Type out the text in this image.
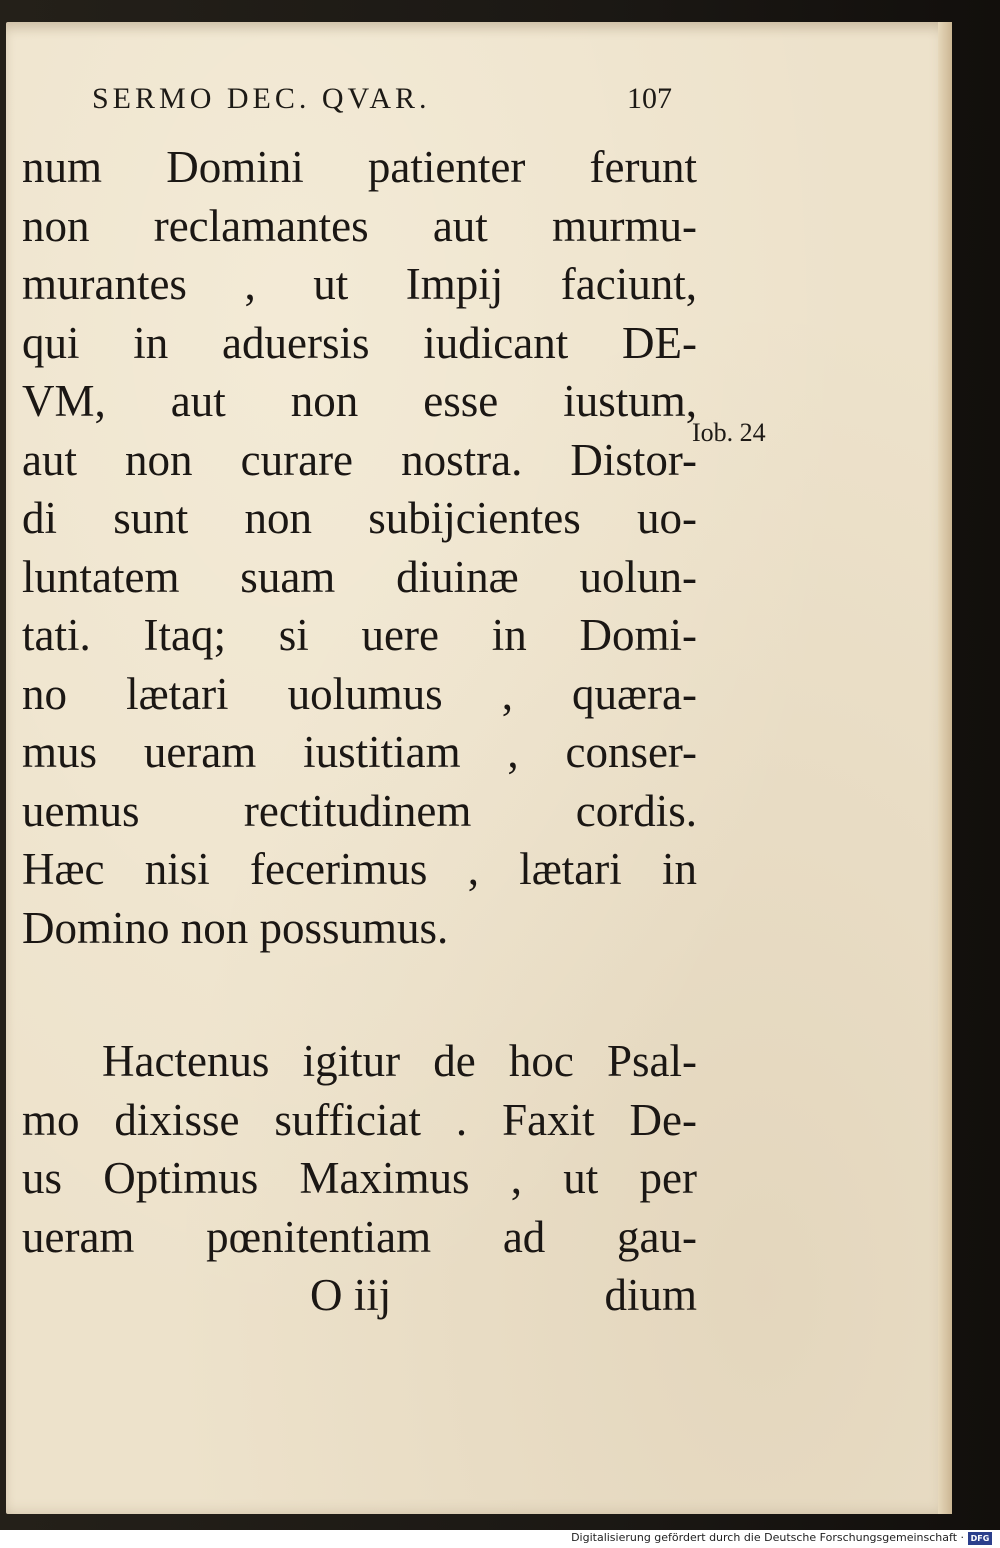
SERMO DEC. QVAR.	107
Iob. 24
num Domini patienter ferunt
non reclamantes aut murmu-
murantes , ut Impij faciunt,
qui in aduersis iudicant DE-
VM, aut non esse iustum,
aut non curare nostra. Distor-
di sunt non subijcientes uo-
luntatem suam diuinæ uolun-
tati. Itaq; si uere in Domi-
no lætari uolumus , quæra-
mus ueram iustitiam , conser-
uemus rectitudinem cordis.
Hæc nisi fecerimus , lætari in
Domino non possumus.
Hactenus igitur de hoc Psal-
mo dixisse sufficiat . Faxit De-
us Optimus Maximus , ut per
ueram pœnitentiam ad gau-
O iij	dium
Digitalisierung gefördert durch die Deutsche Forschungsgemeinschaft · DFG
